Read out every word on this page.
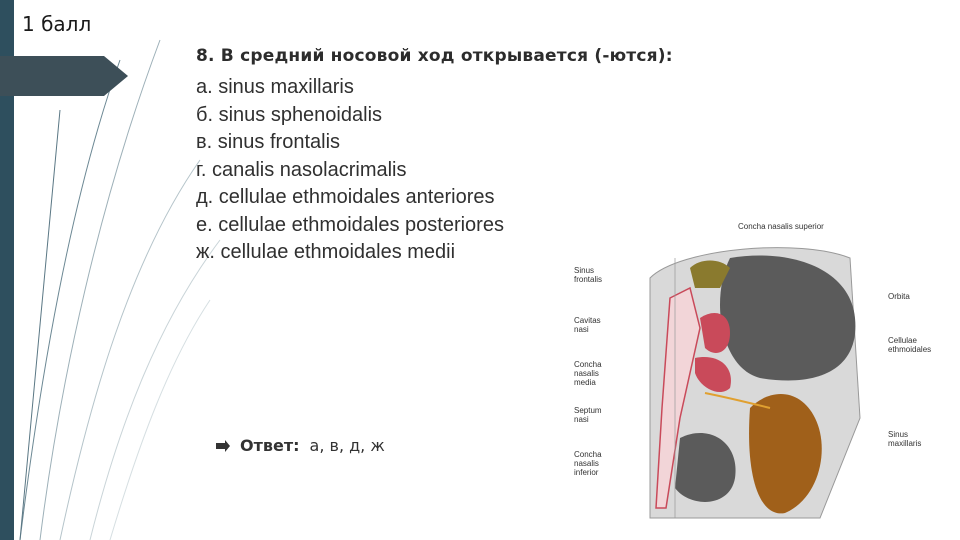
1 балл
8. В средний носовой ход открывается (-ются):
а. sinus maxillaris
б. sinus sphenoidalis
в. sinus frontalis
г. canalis nasolacrimalis
д. cellulae ethmoidales anteriores
е. cellulae ethmoidales posteriores
ж. cellulae ethmoidales medii
Ответ: а, в, д, ж
Concha nasalis superior
Sinus
frontalis
Orbita
Cavitas
nasi
Cellulae
ethmoidales
Concha
nasalis
media
Septum
nasi
Sinus
maxillaris
Concha
nasalis
inferior
